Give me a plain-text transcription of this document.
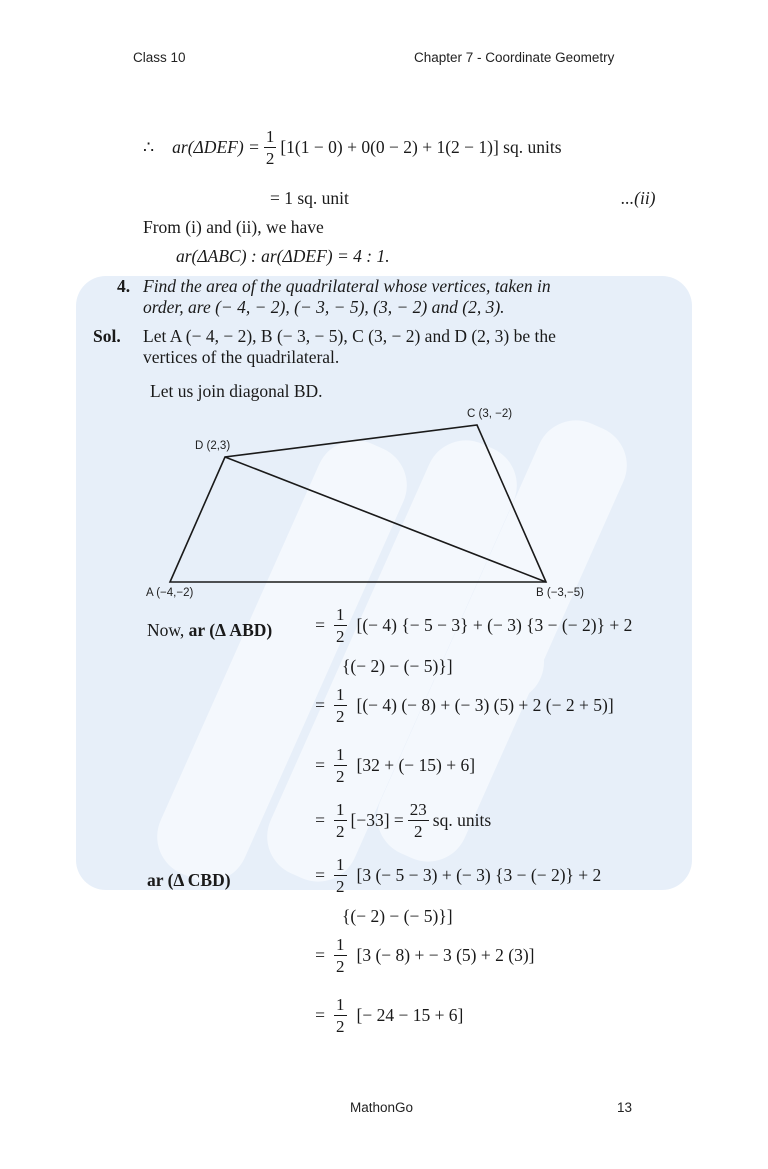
Class 10	Chapter 7 - Coordinate Geometry
∴ $ar(\Delta DEF) = \frac{1}{2} [1(1 - 0) + 0(0 - 2) + 1(2 - 1)]$ sq. units
= 1 sq. unit	...(ii)
From (i) and (ii), we have
ar(ΔABC) : ar(ΔDEF) = 4 : 1.
4. Find the area of the quadrilateral whose vertices, taken in
order, are (− 4, − 2), (− 3, − 5), (3, − 2) and (2, 3).
Sol. Let A (− 4, − 2), B (− 3, − 5), C (3, − 2) and D (2, 3) be the
vertices of the quadrilateral.
Let us join diagonal BD.
A (−4,−2)	B (−3,−5)
C (3, −2)
D (2,3)
Now, ar (Δ $ABD) = \frac{1}{2}$ [(− 4) {− 5 − 3} + (− 3) {3 − (− 2)} + 2
{(− 2) − (− 5)}]
= $\frac{1}{2}$ [(− 4) (− 8) + (− 3) (5) + 2 (− 2 + 5)]
= $\frac{1}{2} [32$ + (− 15) + 6]
= $\frac{1}{2} [-33] = \frac{23}{2}$ sq. units
ar (Δ CBD)	= $\frac{1}{2} [3$ (− 5 − 3) + (− 3) {3 − (− 2)} + 2
{(− 2) − (− 5)}]
= $\frac{1}{2} [3$ (− 8) + − 3 (5) + 2 (3)]
= $\frac{1}{2}$ [− 24 − 15 + 6]
MathonGo	13
